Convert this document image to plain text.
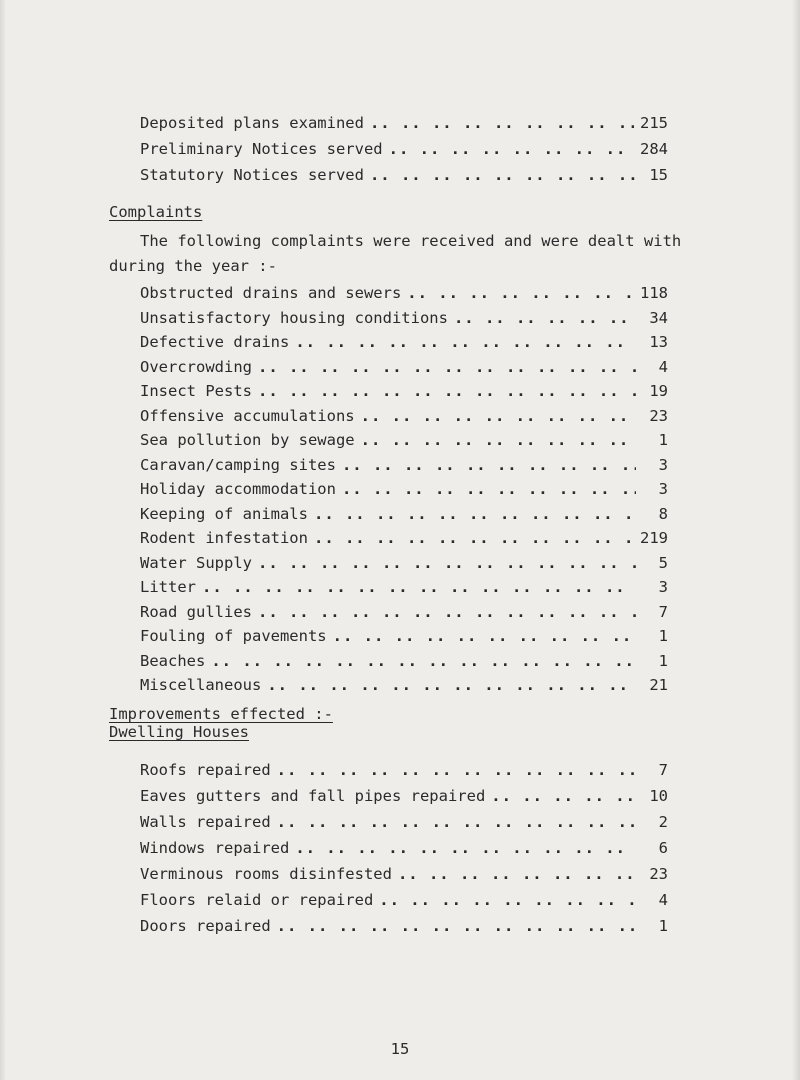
Deposited plans examined .. ..	215
Preliminary Notices served .. ..	284
Statutory Notices served .. ..	15
Complaints
The following complaints were received and were dealt with during the year :-
Obstructed drains and sewers .. ..	118
Unsatisfactory housing conditions .. ..	34
Defective drains .. ..	13
Overcrowding .. ..	4
Insect Pests .. ..	19
Offensive accumulations .. ..	23
Sea pollution by sewage .. ..	1
Caravan/camping sites .. ..	3
Holiday accommodation .. ..	3
Keeping of animals .. ..	8
Rodent infestation .. ..	219
Water Supply .. ..	5
Litter .. ..	3
Road gullies .. ..	7
Fouling of pavements .. ..	1
Beaches .. ..	1
Miscellaneous .. ..	21
Improvements effected :-
Dwelling Houses
Roofs repaired .. ..	7
Eaves gutters and fall pipes repaired .. ..	10
Walls repaired .. ..	2
Windows repaired .. ..	6
Verminous rooms disinfested .. ..	23
Floors relaid or repaired .. ..	4
Doors repaired .. ..	1
15
